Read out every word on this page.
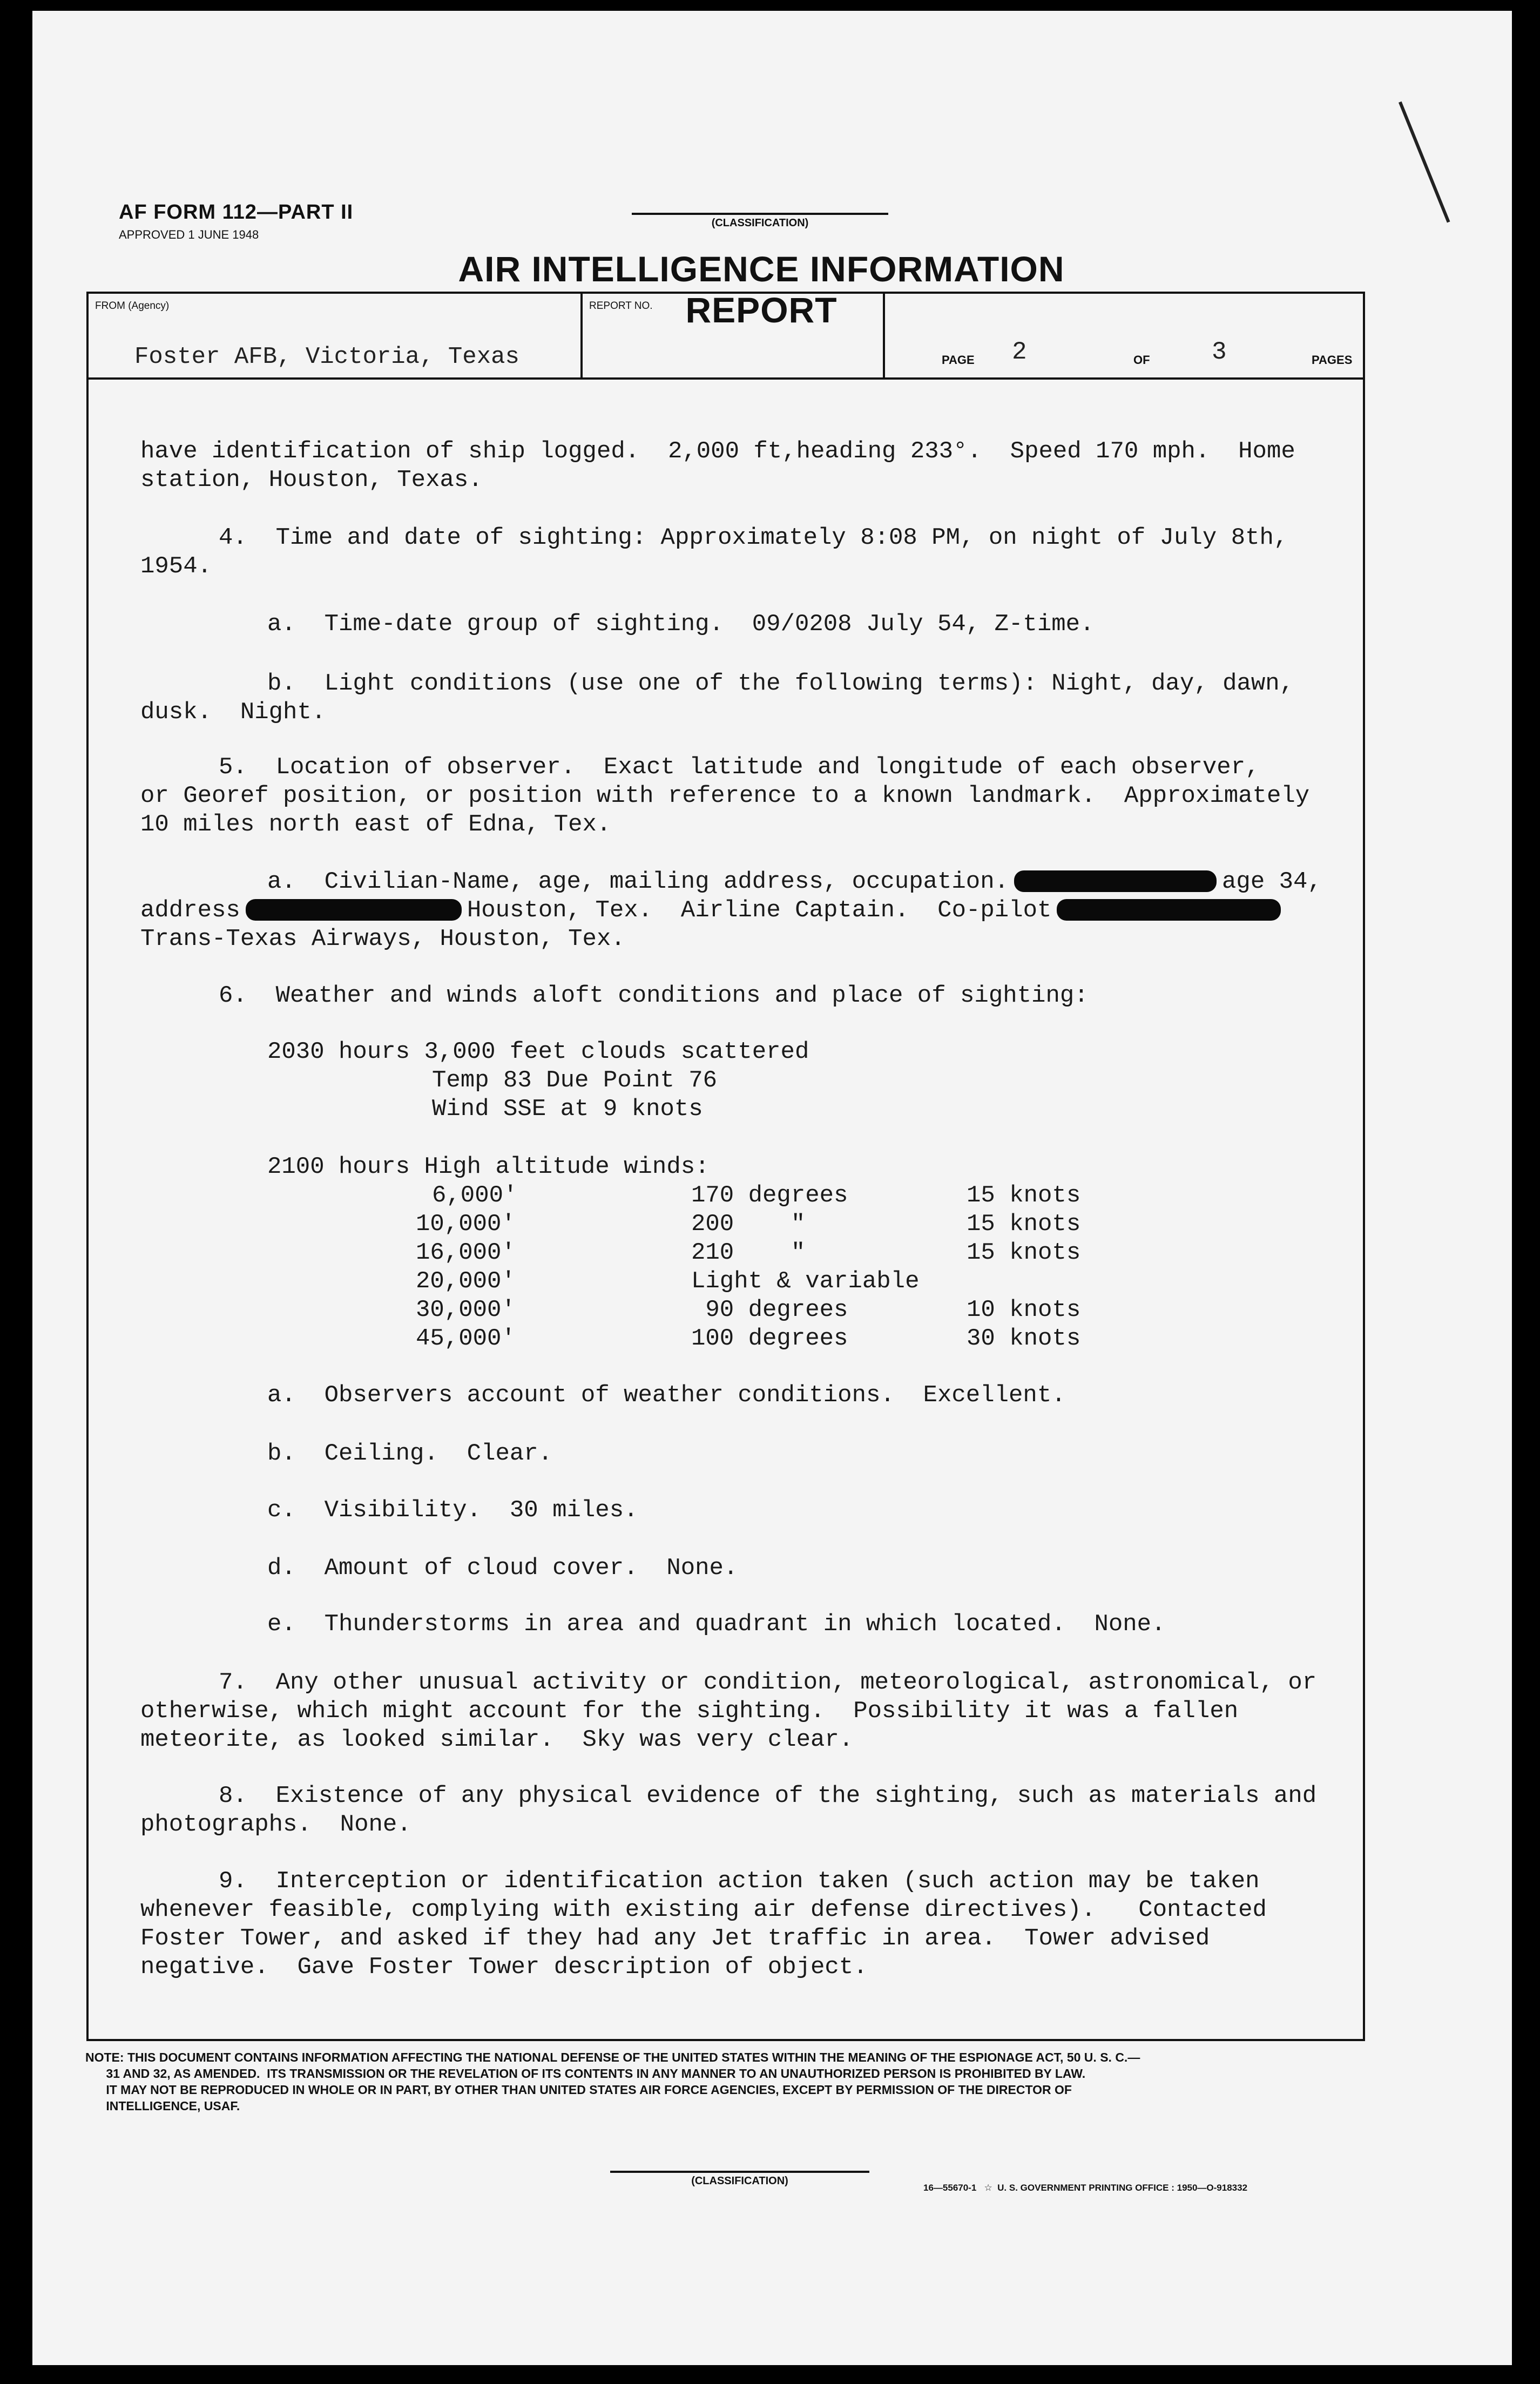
AF FORM 112—PART II
APPROVED 1 JUNE 1948
(CLASSIFICATION)
AIR INTELLIGENCE INFORMATION REPORT
FROM (Agency)
Foster AFB, Victoria, Texas
REPORT NO.
PAGE 2	OF 3	PAGES
have identification of ship logged.  2,000 ft,heading 233°.  Speed 170 mph.  Home
station, Houston, Texas.
4.  Time and date of sighting: Approximately 8:08 PM, on night of July 8th,
1954.
a.  Time-date group of sighting.  09/0208 July 54, Z-time.
b.  Light conditions (use one of the following terms): Night, day, dawn,
dusk.  Night.
5.  Location of observer.  Exact latitude and longitude of each observer,
or Georef position, or position with reference to a known landmark.  Approximately
10 miles north east of Edna, Tex.
a.  Civilian-Name, age, mailing address, occupation.	age 34,
address	Houston, Tex.  Airline Captain.  Co-pilot
Trans-Texas Airways, Houston, Tex.
6.  Weather and winds aloft conditions and place of sighting:
2030 hours 3,000 feet clouds scattered
Temp 83 Due Point 76
Wind SSE at 9 knots
2100 hours High altitude winds:
6,000'	170 degrees	15 knots
10,000'	200    "	15 knots
16,000'	210    "	15 knots
20,000'	Light & variable
30,000'	90 degrees	10 knots
45,000'	100 degrees	30 knots
a.  Observers account of weather conditions.  Excellent.
b.  Ceiling.  Clear.
c.  Visibility.  30 miles.
d.  Amount of cloud cover.  None.
e.  Thunderstorms in area and quadrant in which located.  None.
7.  Any other unusual activity or condition, meteorological, astronomical, or
otherwise, which might account for the sighting.  Possibility it was a fallen
meteorite, as looked similar.  Sky was very clear.
8.  Existence of any physical evidence of the sighting, such as materials and
photographs.  None.
9.  Interception or identification action taken (such action may be taken
whenever feasible, complying with existing air defense directives).   Contacted
Foster Tower, and asked if they had any Jet traffic in area.  Tower advised
negative.  Gave Foster Tower description of object.
NOTE: THIS DOCUMENT CONTAINS INFORMATION AFFECTING THE NATIONAL DEFENSE OF THE UNITED STATES WITHIN THE MEANING OF THE ESPIONAGE ACT, 50 U. S. C.—
31 AND 32, AS AMENDED.  ITS TRANSMISSION OR THE REVELATION OF ITS CONTENTS IN ANY MANNER TO AN UNAUTHORIZED PERSON IS PROHIBITED BY LAW.
IT MAY NOT BE REPRODUCED IN WHOLE OR IN PART, BY OTHER THAN UNITED STATES AIR FORCE AGENCIES, EXCEPT BY PERMISSION OF THE DIRECTOR OF
INTELLIGENCE, USAF.
(CLASSIFICATION)
16—55670-1   ☆  U. S. GOVERNMENT PRINTING OFFICE : 1950—O-918332
